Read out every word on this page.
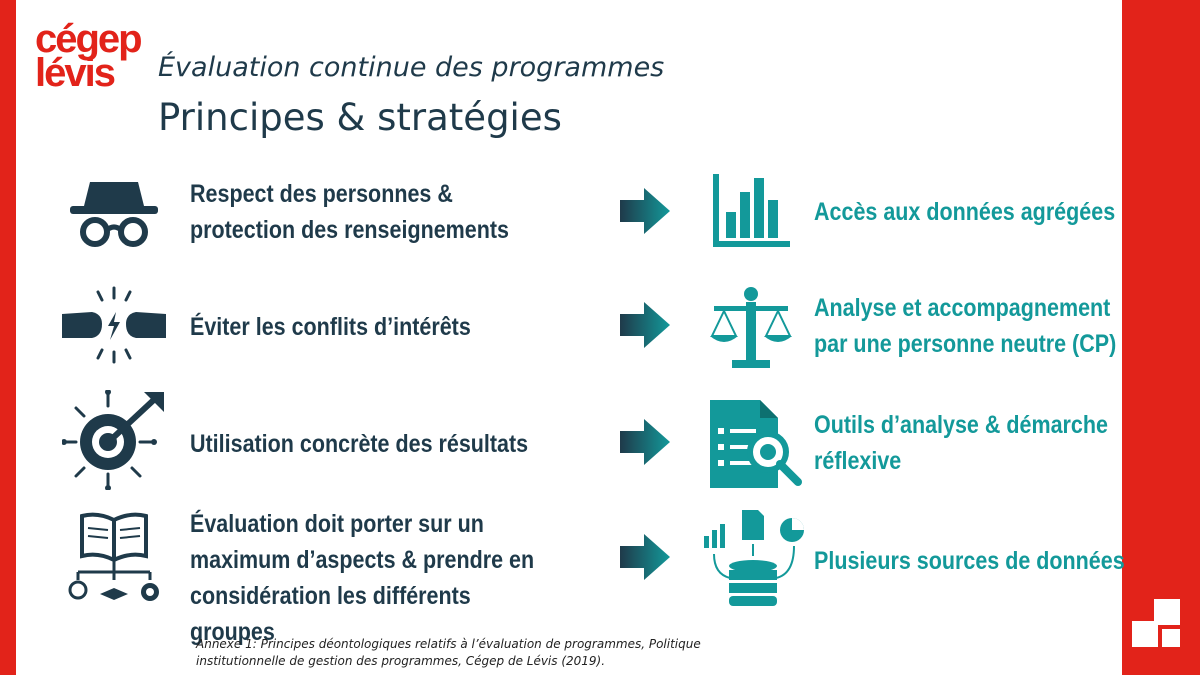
cégep
lévis	Évaluation continue des programmes
Principes & stratégies
Respect des personnes &
protection des renseignements
Accès aux données agrégées
Éviter les conflits d’intérêts
Analyse et accompagnement
par une personne neutre (CP)
Utilisation concrète des résultats
Outils d’analyse & démarche
réflexive
Évaluation doit porter sur un
maximum d’aspects & prendre en
considération les différents
groupes
Plusieurs sources de données
Annexe 1: Principes déontologiques relatifs à l’évaluation de programmes, Politique
institutionnelle de gestion des programmes, Cégep de Lévis (2019).
